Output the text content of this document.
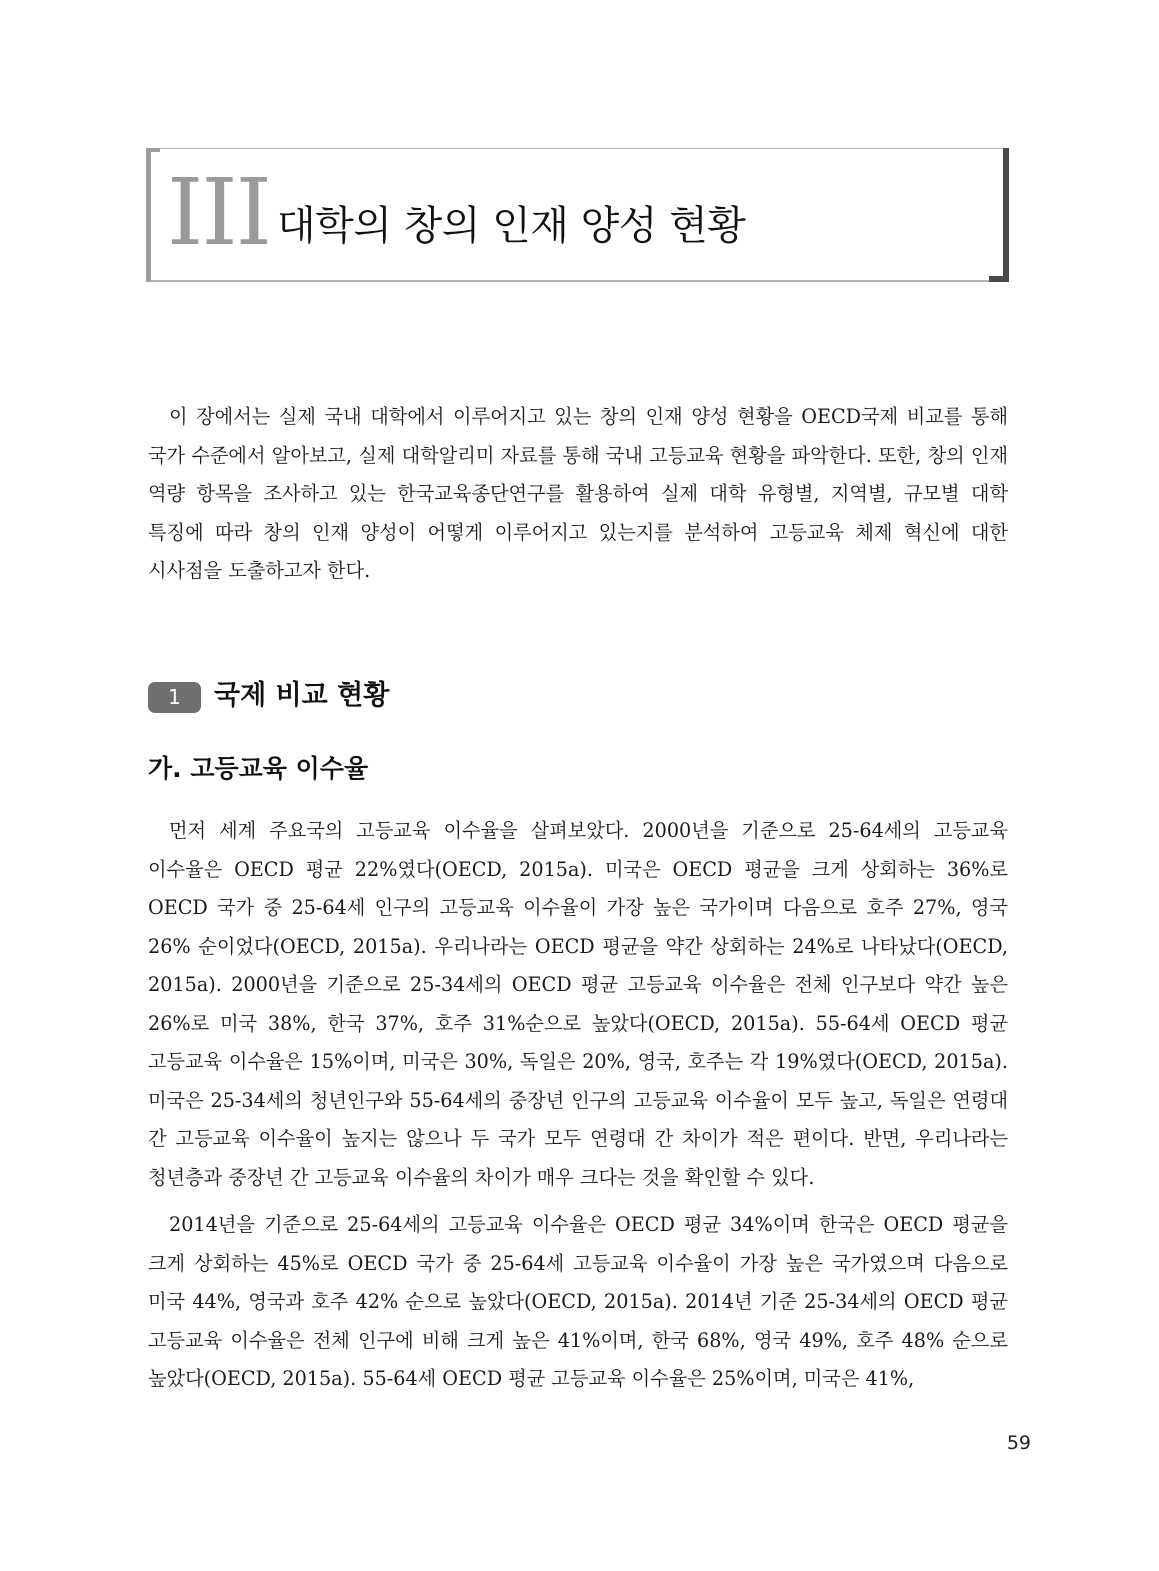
III 대학의 창의 인재 양성 현황

이 장에서는 실제 국내 대학에서 이루어지고 있는 창의 인재 양성 현황을 OECD국제 비교를 통해 국가 수준에서 알아보고, 실제 대학알리미 자료를 통해 국내 고등교육 현황을 파악한다. 또한, 창의 인재 역량 항목을 조사하고 있는 한국교육종단연구를 활용하여 실제 대학 유형별, 지역별, 규모별 대학 특징에 따라 창의 인재 양성이 어떻게 이루어지고 있는지를 분석하여 고등교육 체제 혁신에 대한 시사점을 도출하고자 한다.

1	국제 비교 현황
가. 고등교육 이수율

먼저 세계 주요국의 고등교육 이수율을 살펴보았다. 2000년을 기준으로 25-64세의 고등교육 이수율은 OECD 평균 22%였다(OECD, 2015a). 미국은 OECD 평균을 크게 상회하는 36%로 OECD 국가 중 25-64세 인구의 고등교육 이수율이 가장 높은 국가이며 다음으로 호주 27%, 영국 26% 순이었다(OECD, 2015a). 우리나라는 OECD 평균을 약간 상회하는 24%로 나타났다(OECD, 2015a). 2000년을 기준으로 25-34세의 OECD 평균 고등교육 이수율은 전체 인구보다 약간 높은 26%로 미국 38%, 한국 37%, 호주 31%순으로 높았다(OECD, 2015a). 55-64세 OECD 평균 고등교육 이수율은 15%이며, 미국은 30%, 독일은 20%, 영국, 호주는 각 19%였다(OECD, 2015a). 미국은 25-34세의 청년인구와 55-64세의 중장년 인구의 고등교육 이수율이 모두 높고, 독일은 연령대 간 고등교육 이수율이 높지는 않으나 두 국가 모두 연령대 간 차이가 적은 편이다. 반면, 우리나라는 청년층과 중장년 간 고등교육 이수율의 차이가 매우 크다는 것을 확인할 수 있다.

2014년을 기준으로 25-64세의 고등교육 이수율은 OECD 평균 34%이며 한국은 OECD 평균을 크게 상회하는 45%로 OECD 국가 중 25-64세 고등교육 이수율이 가장 높은 국가였으며 다음으로 미국 44%, 영국과 호주 42% 순으로 높았다(OECD, 2015a). 2014년 기준 25-34세의 OECD 평균 고등교육 이수율은 전체 인구에 비해 크게 높은 41%이며, 한국 68%, 영국 49%, 호주 48% 순으로 높았다(OECD, 2015a). 55-64세 OECD 평균 고등교육 이수율은 25%이며, 미국은 41%,

59
